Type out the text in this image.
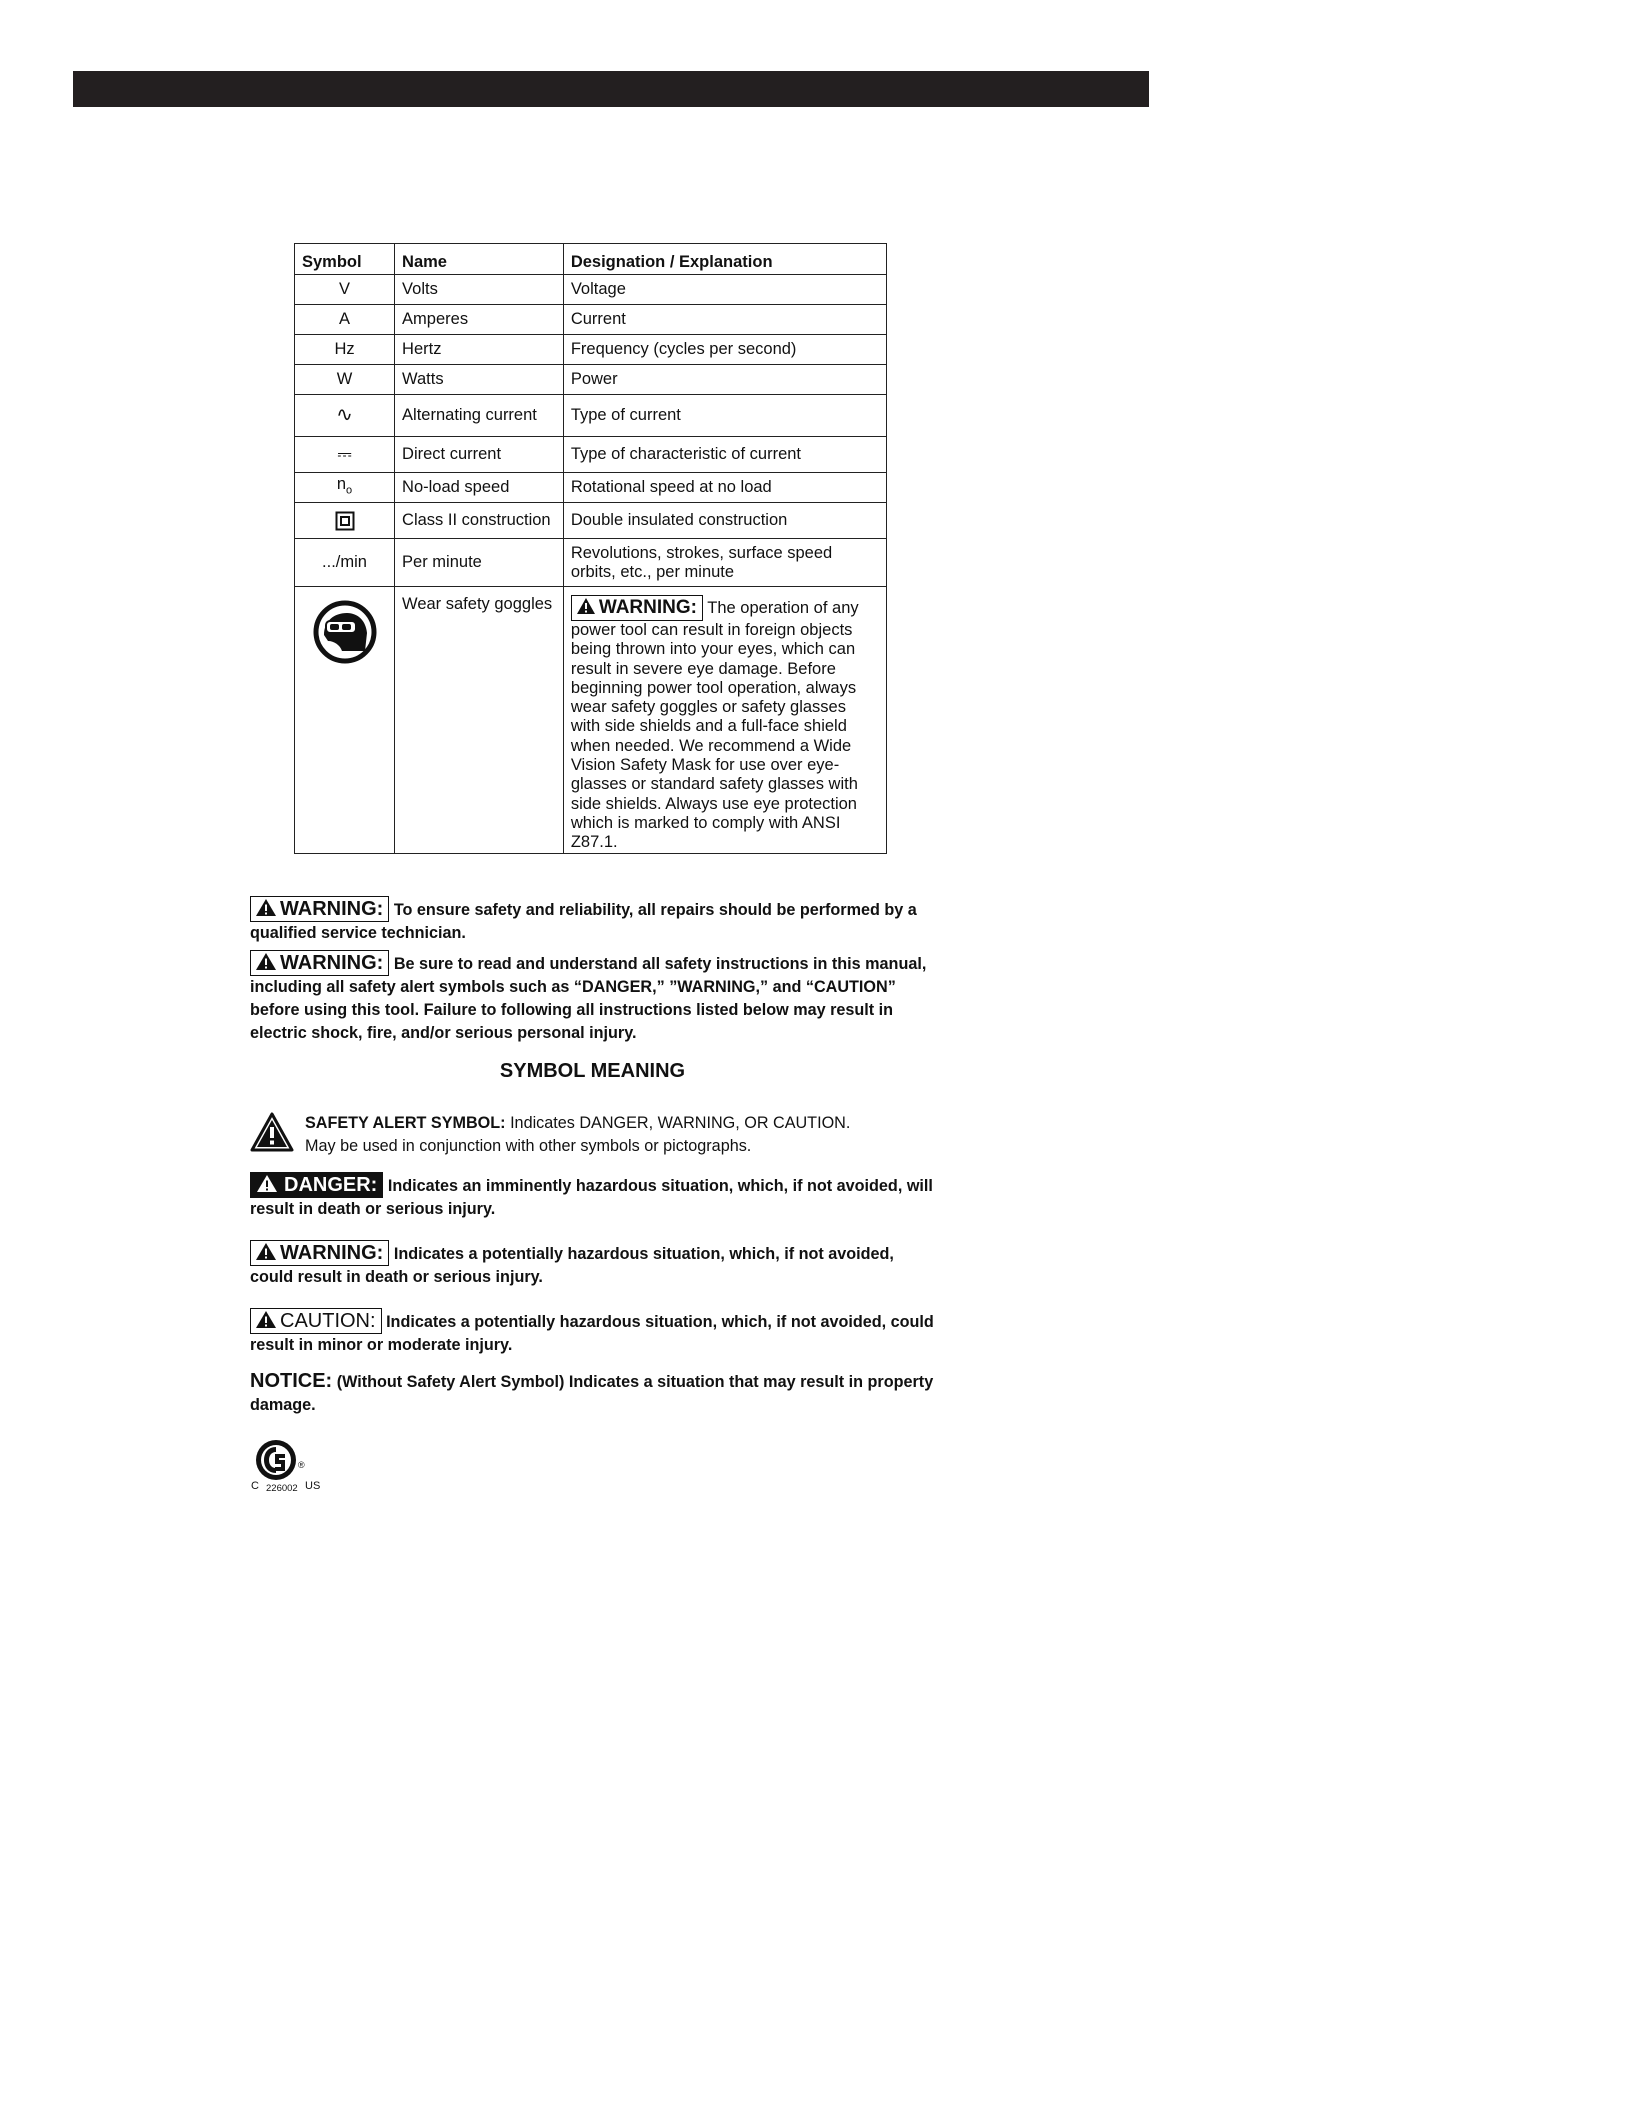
Symbol	Name	Designation / Explanation
V	Volts	Voltage
A	Amperes	Current
Hz	Hertz	Frequency (cycles per second)
W	Watts	Power
∿	Alternating current	Type of current
⎓	Direct current	Type of characteristic of current
$n_o$	No-load speed	Rotational speed at no load
	Class II construction	Double insulated construction
.../min	Per minute	Revolutions, strokes, surface speed orbits, etc., per minute
	Wear safety goggles	WARNING: The operation of any power tool can result in foreign objects being thrown into your eyes, which can result in severe eye damage. Before beginning power tool operation, always wear safety goggles or safety glasses with side shields and a full-face shield when needed. We recommend a Wide Vision Safety Mask for use over eye-glasses or standard safety glasses with side shields. Always use eye protection which is marked to comply with ANSI Z87.1.
WARNING: To ensure safety and reliability, all repairs should be performed by a qualified service technician.
WARNING: Be sure to read and understand all safety instructions in this manual, including all safety alert symbols such as “DANGER,” ”WARNING,” and “CAUTION” before using this tool. Failure to following all instructions listed below may result in electric shock, fire, and/or serious personal injury.
SYMBOL MEANING
SAFETY ALERT SYMBOL: Indicates DANGER, WARNING, OR CAUTION.
May be used in conjunction with other symbols or pictographs.
DANGER: Indicates an imminently hazardous situation, which, if not avoided, will result in death or serious injury.
WARNING: Indicates a potentially hazardous situation, which, if not avoided, could result in death or serious injury.
CAUTION: Indicates a potentially hazardous situation, which, if not avoided, could result in minor or moderate injury.
NOTICE: (Without Safety Alert Symbol) Indicates a situation that may result in property damage.
®
C 226002 US
